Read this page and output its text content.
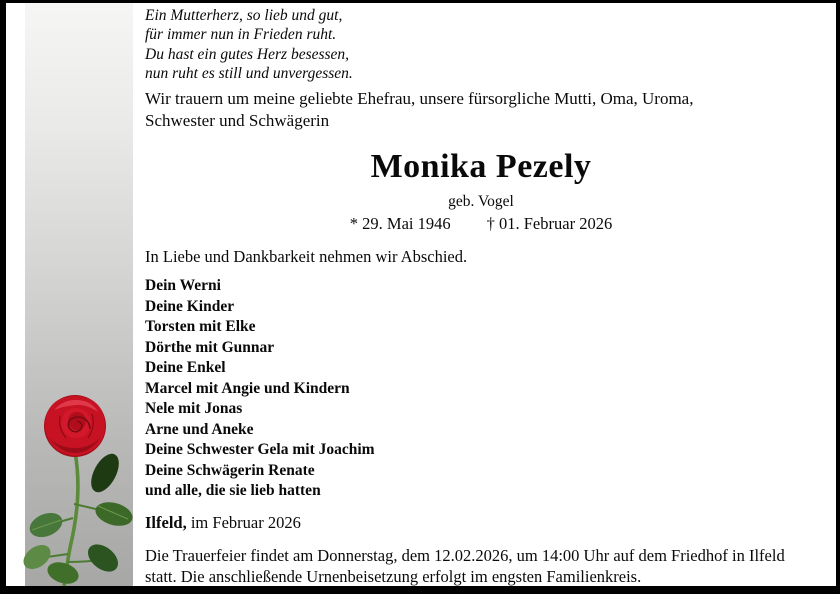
Ein Mutterherz, so lieb und gut,
für immer nun in Frieden ruht.
Du hast ein gutes Herz besessen,
nun ruht es still und unvergessen.
Wir trauern um meine geliebte Ehefrau, unsere fürsorgliche Mutti, Oma, Uroma,
Schwester und Schwägerin
Monika Pezely
geb. Vogel
* 29. Mai 1946 † 01. Februar 2026
In Liebe und Dankbarkeit nehmen wir Abschied.
Dein Werni
Deine Kinder
Torsten mit Elke
Dörthe mit Gunnar
Deine Enkel
Marcel mit Angie und Kindern
Nele mit Jonas
Arne und Aneke
Deine Schwester Gela mit Joachim
Deine Schwägerin Renate
und alle, die sie lieb hatten
Ilfeld, im Februar 2026
Die Trauerfeier findet am Donnerstag, dem 12.02.2026, um 14:00 Uhr auf dem Friedhof in Ilfeld
statt. Die anschließende Urnenbeisetzung erfolgt im engsten Familienkreis.
